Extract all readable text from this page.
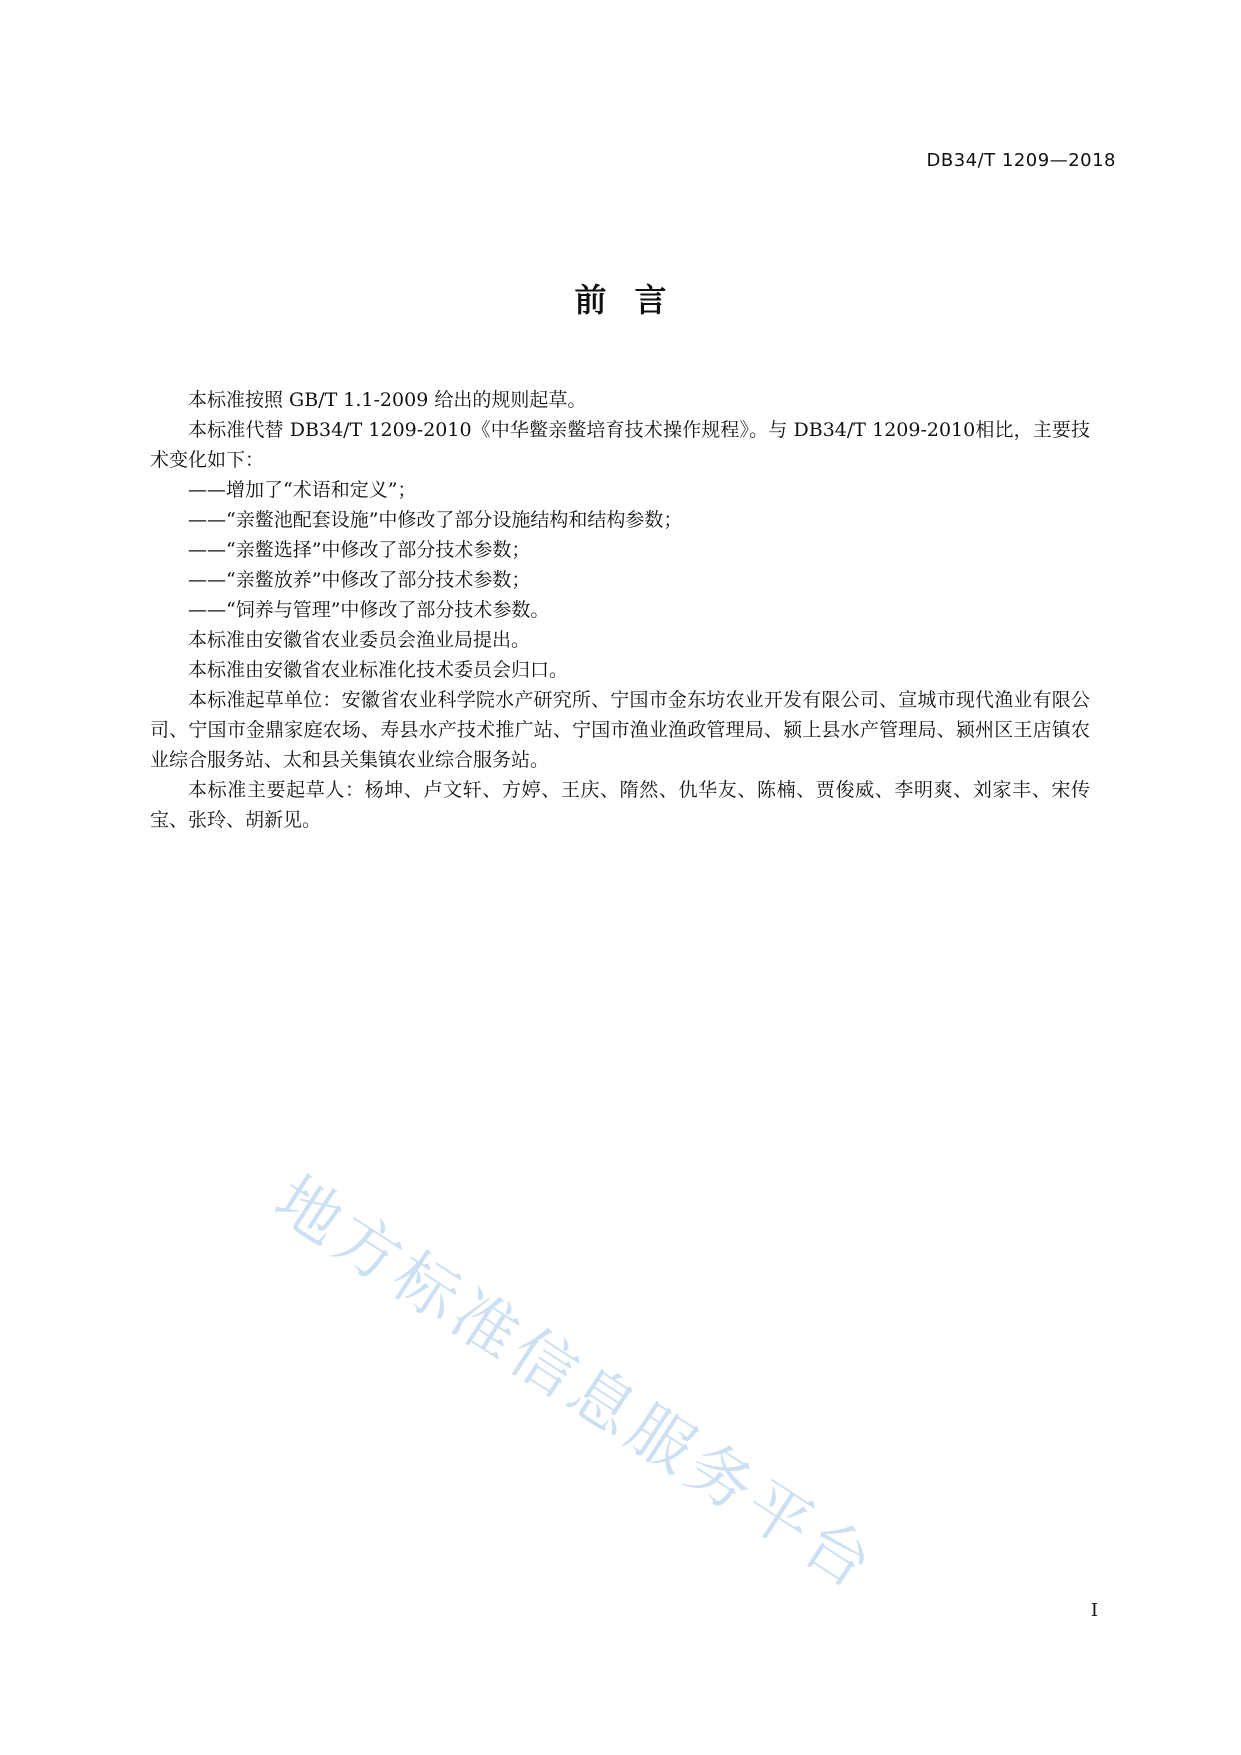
DB34/T 1209—2018
前言

本标准按照 GB/T 1.1-2009 给出的规则起草。

本标准代替 DB34/T 1209-2010《中华鳖亲鳖培育技术操作规程》。与 DB34/T 1209-2010相比，主要技术变化如下：

——增加了“术语和定义”；

——“亲鳖池配套设施”中修改了部分设施结构和结构参数；

——“亲鳖选择”中修改了部分技术参数；

——“亲鳖放养”中修改了部分技术参数；

——“饲养与管理”中修改了部分技术参数。

本标准由安徽省农业委员会渔业局提出。

本标准由安徽省农业标准化技术委员会归口。

本标准起草单位：安徽省农业科学院水产研究所、宁国市金东坊农业开发有限公司、宣城市现代渔业有限公司、宁国市金鼎家庭农场、寿县水产技术推广站、宁国市渔业渔政管理局、颍上县水产管理局、颍州区王店镇农业综合服务站、太和县关集镇农业综合服务站。

本标准主要起草人：杨坤、卢文轩、方婷、王庆、隋然、仇华友、陈楠、贾俊威、李明爽、刘家丰、宋传宝、张玲、胡新见。

地方标准信息服务平台
I
